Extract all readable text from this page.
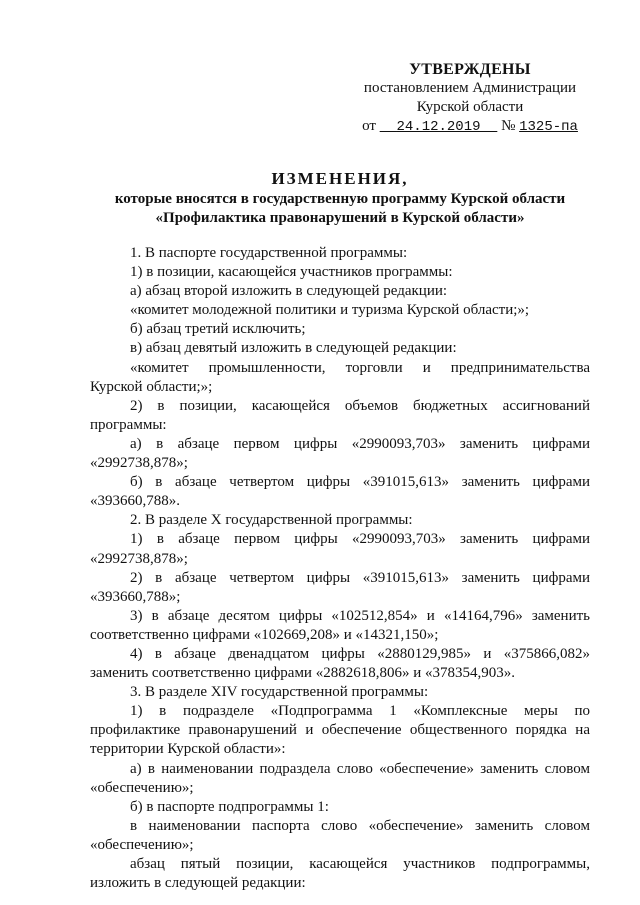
УТВЕРЖДЕНЫ
постановлением Администрации
Курской области
от 24.12.2019 № 1325-па
ИЗМЕНЕНИЯ,
которые вносятся в государственную программу Курской области
«Профилактика правонарушений в Курской области»

1. В паспорте государственной программы:

1) в позиции, касающейся участников программы:

а) абзац второй изложить в следующей редакции:

«комитет молодежной политики и туризма Курской области;»;

б) абзац третий исключить;

в) абзац девятый изложить в следующей редакции:

«комитет промышленности, торговли и предпринимательства

Курской области;»;

2) в позиции, касающейся объемов бюджетных ассигнований

программы:

а) в абзаце первом цифры «2990093,703» заменить цифрами

«2992738,878»;

б) в абзаце четвертом цифры «391015,613» заменить цифрами

«393660,788».

2. В разделе X государственной программы:

1) в абзаце первом цифры «2990093,703» заменить цифрами

«2992738,878»;

2) в абзаце четвертом цифры «391015,613» заменить цифрами

«393660,788»;

3) в абзаце десятом цифры «102512,854» и «14164,796» заменить

соответственно цифрами «102669,208» и «14321,150»;

4) в абзаце двенадцатом цифры «2880129,985» и «375866,082»

заменить соответственно цифрами «2882618,806» и «378354,903».

3. В разделе XIV государственной программы:

1) в подразделе «Подпрограмма 1 «Комплексные меры по

профилактике правонарушений и обеспечение общественного порядка на

территории Курской области»:

а) в наименовании подраздела слово «обеспечение» заменить словом

«обеспечению»;

б) в паспорте подпрограммы 1:

в наименовании паспорта слово «обеспечение» заменить словом

«обеспечению»;

абзац пятый позиции, касающейся участников подпрограммы,

изложить в следующей редакции:
